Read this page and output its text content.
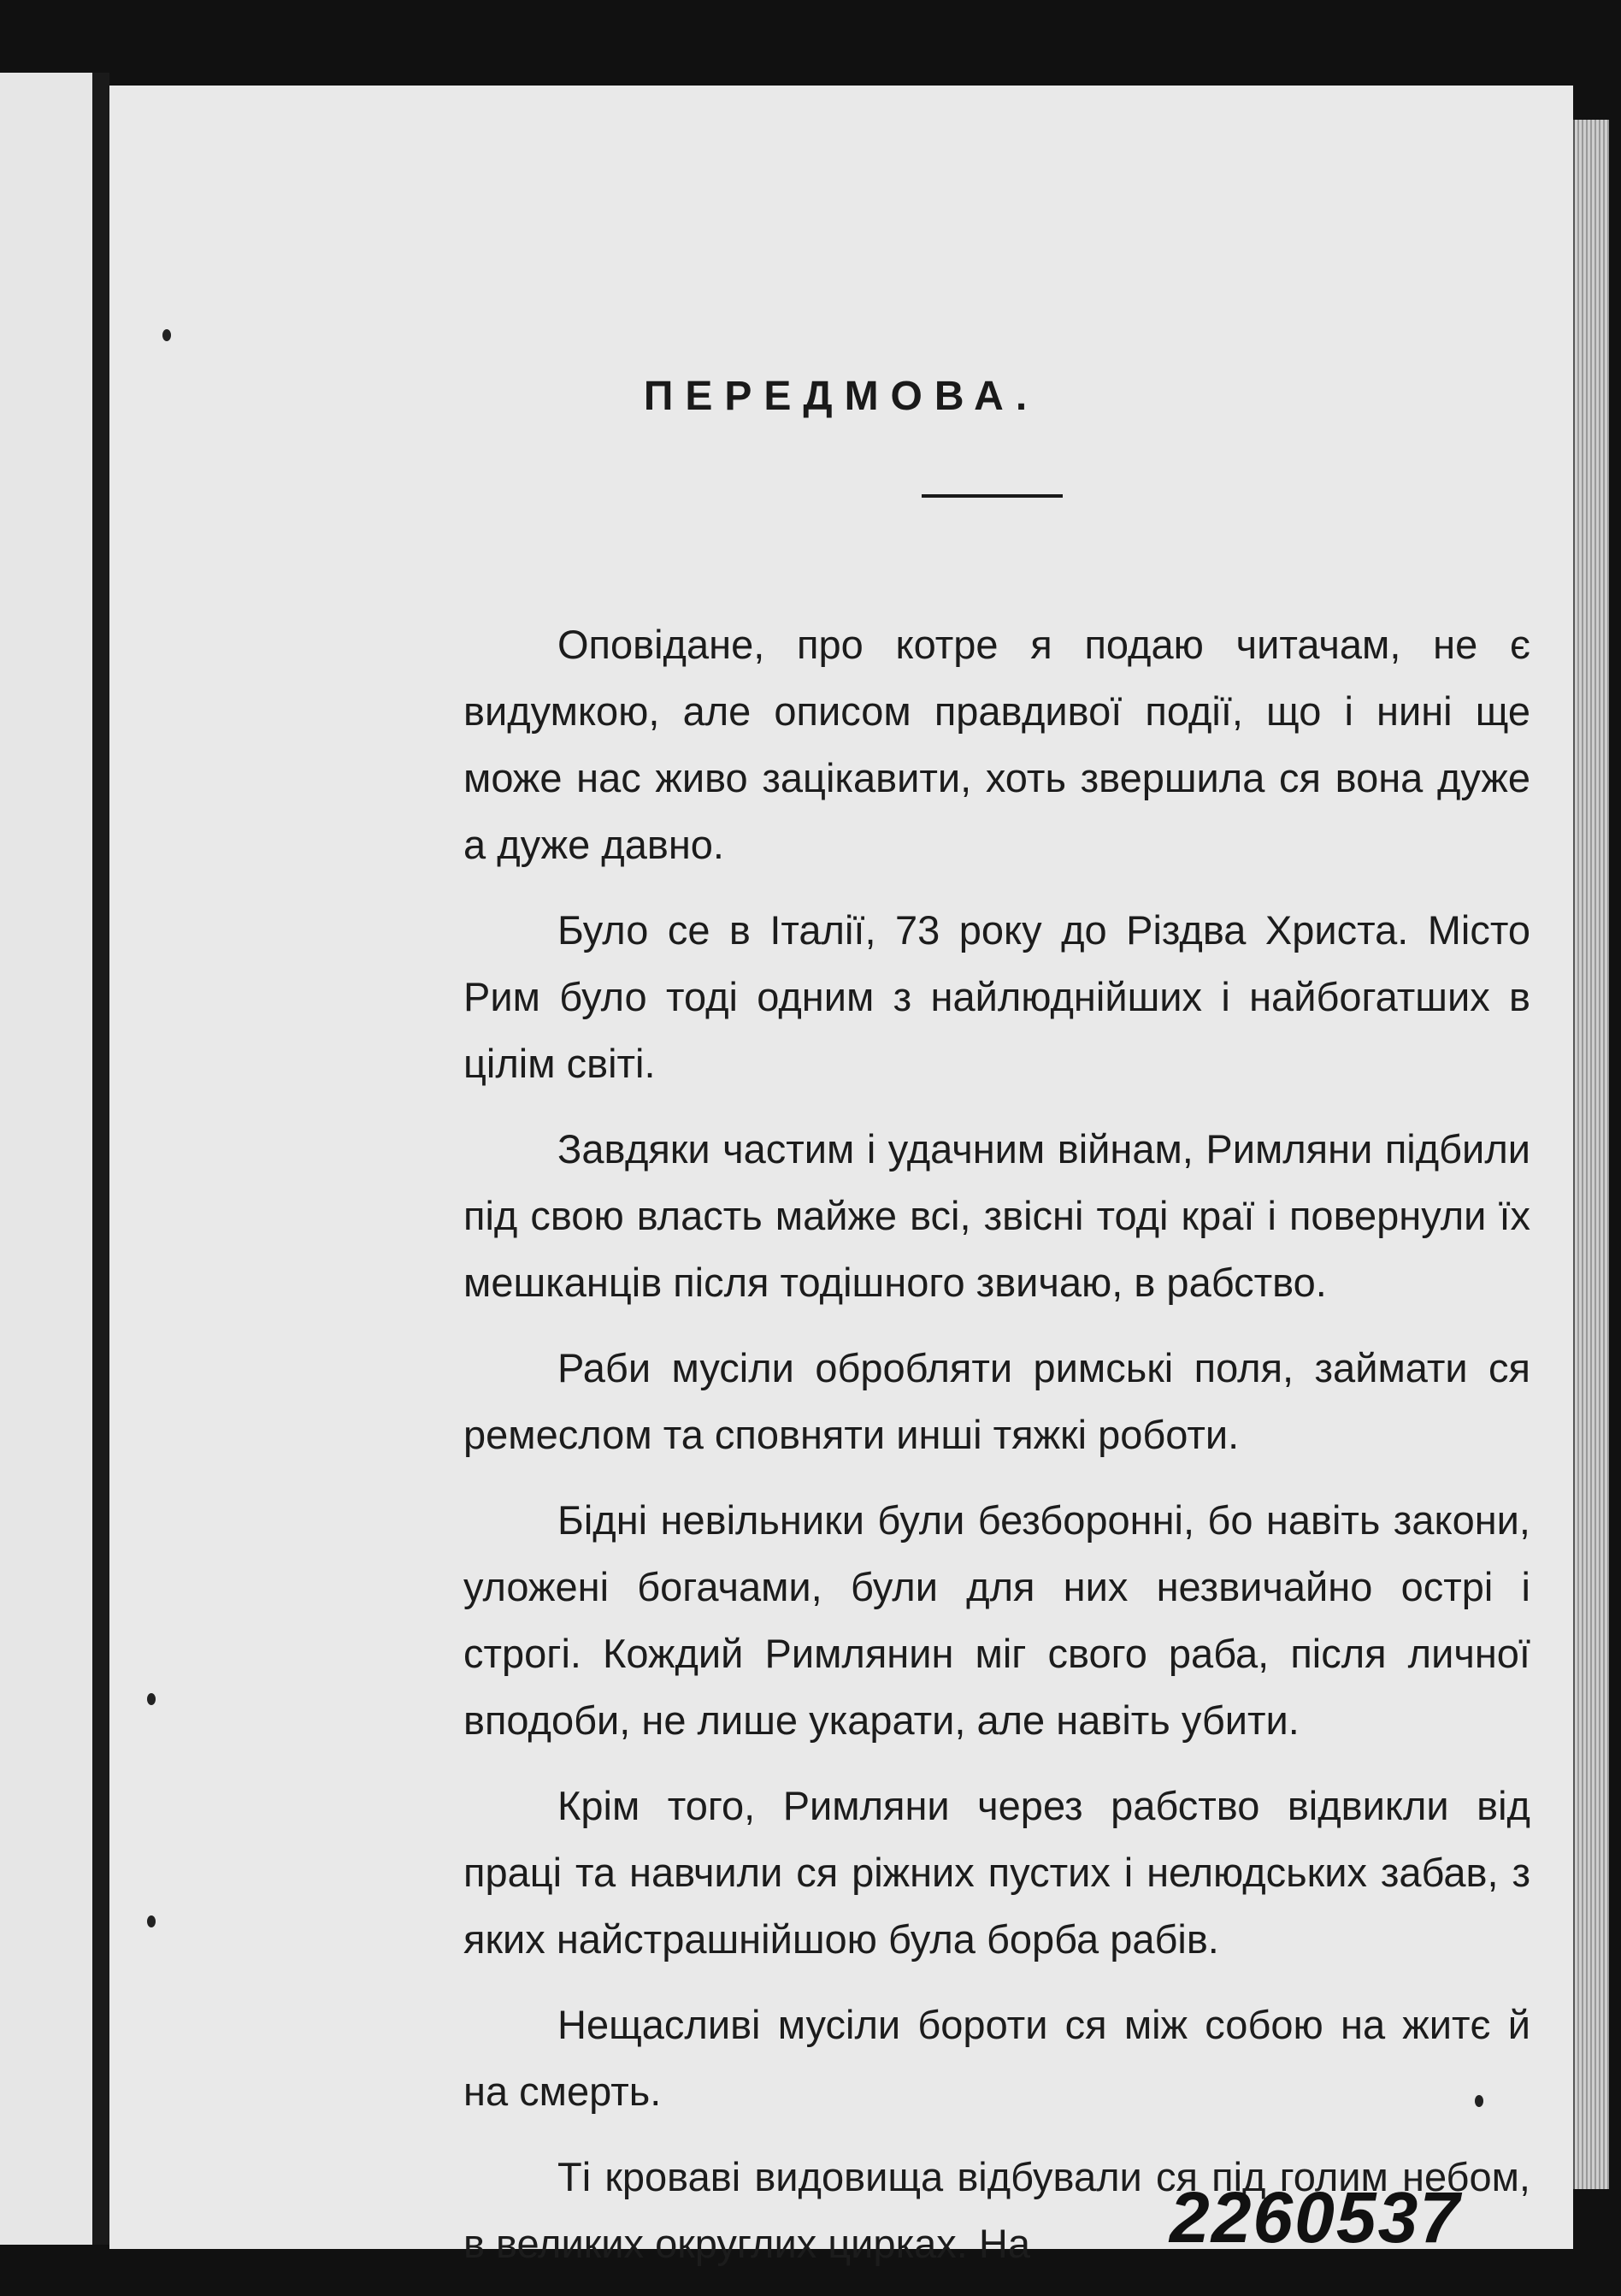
ПЕРЕДМОВА.

Оповідане, про котре я подаю читачам, не є видумкою, але описом правдивої події, що і нині ще може нас живо зацікавити, хоть звершила ся вона дуже а дуже давно.

Було се в Італії, 73 року до Різдва Христа. Місто Рим було тоді одним з найлюднійших і найбогатших в цілім світі.

Завдяки частим і удачним війнам, Римляни підбили під свою власть майже всі, звісні тоді краї і повернули їх мешканців після тодішного звичаю, в рабство.

Раби мусіли обробляти римські поля, займати ся ремеслом та сповняти инші тяжкі роботи.

Бідні невільники були безборонні, бо навіть закони, уложені богачами, були для них незвичайно острі і строгі. Кождий Римлянин міг свого раба, після личної вподоби, не лише укарати, але навіть убити.

Крім того, Римляни через рабство відвикли від праці та навчили ся ріжних пустих і нелюдських забав, з яких найстрашнійшою була борба рабів.

Нещасливі мусіли бороти ся між собою на житє й на смерть.

Ті кроваві видовища відбували ся під голим небом, в великих округлих цирках. На	2260537
